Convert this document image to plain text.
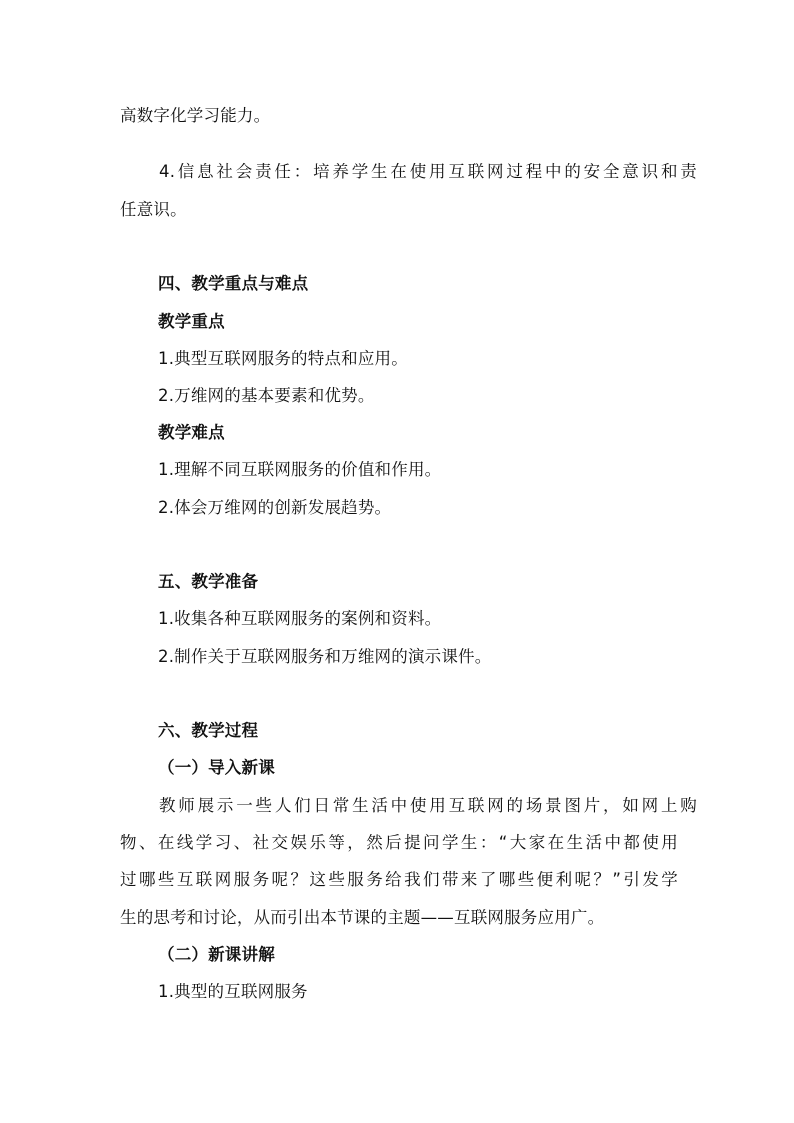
高数字化学习能力。
4.信息社会责任：培养学生在使用互联网过程中的安全意识和责
任意识。
四、教学重点与难点
教学重点
1.典型互联网服务的特点和应用。
2.万维网的基本要素和优势。
教学难点
1.理解不同互联网服务的价值和作用。
2.体会万维网的创新发展趋势。
五、教学准备
1.收集各种互联网服务的案例和资料。
2.制作关于互联网服务和万维网的演示课件。
六、教学过程
（一）导入新课
教师展示一些人们日常生活中使用互联网的场景图片，如网上购
物、在线学习、社交娱乐等，然后提问学生：“大家在生活中都使用
过哪些互联网服务呢？这些服务给我们带来了哪些便利呢？”引发学
生的思考和讨论，从而引出本节课的主题——互联网服务应用广。
（二）新课讲解
1.典型的互联网服务
